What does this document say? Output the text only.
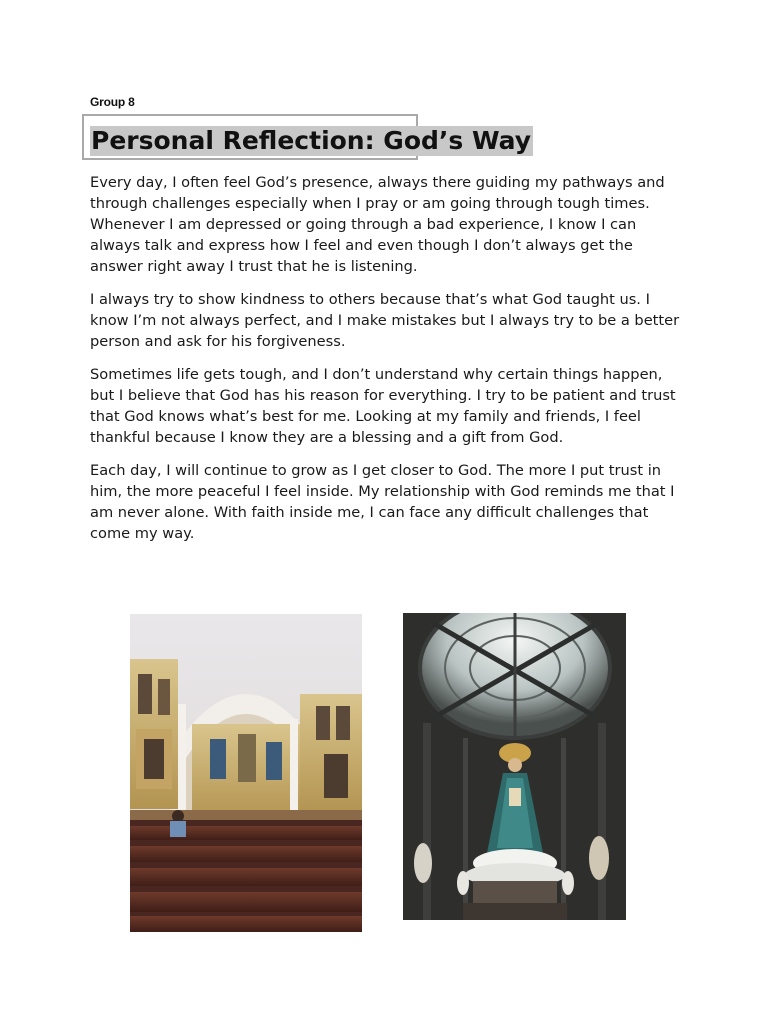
Group 8
Personal Reflection: God’s Way

Every day, I often feel God’s presence, always there guiding my pathways and through challenges especially when I pray or am going through tough times. Whenever I am depressed or going through a bad experience, I know I can always talk and express how I feel and even though I don’t always get the answer right away I trust that he is listening.

I always try to show kindness to others because that’s what God taught us. I know I’m not always perfect, and I make mistakes but I always try to be a better person and ask for his forgiveness.

Sometimes life gets tough, and I don’t understand why certain things happen, but I believe that God has his reason for everything. I try to be patient and trust that God knows what’s best for me. Looking at my family and friends, I feel thankful because I know they are a blessing and a gift from God.

Each day, I will continue to grow as I get closer to God. The more I put trust in him, the more peaceful I feel inside. My relationship with God reminds me that I am never alone. With faith inside me, I can face any difficult challenges that come my way.
